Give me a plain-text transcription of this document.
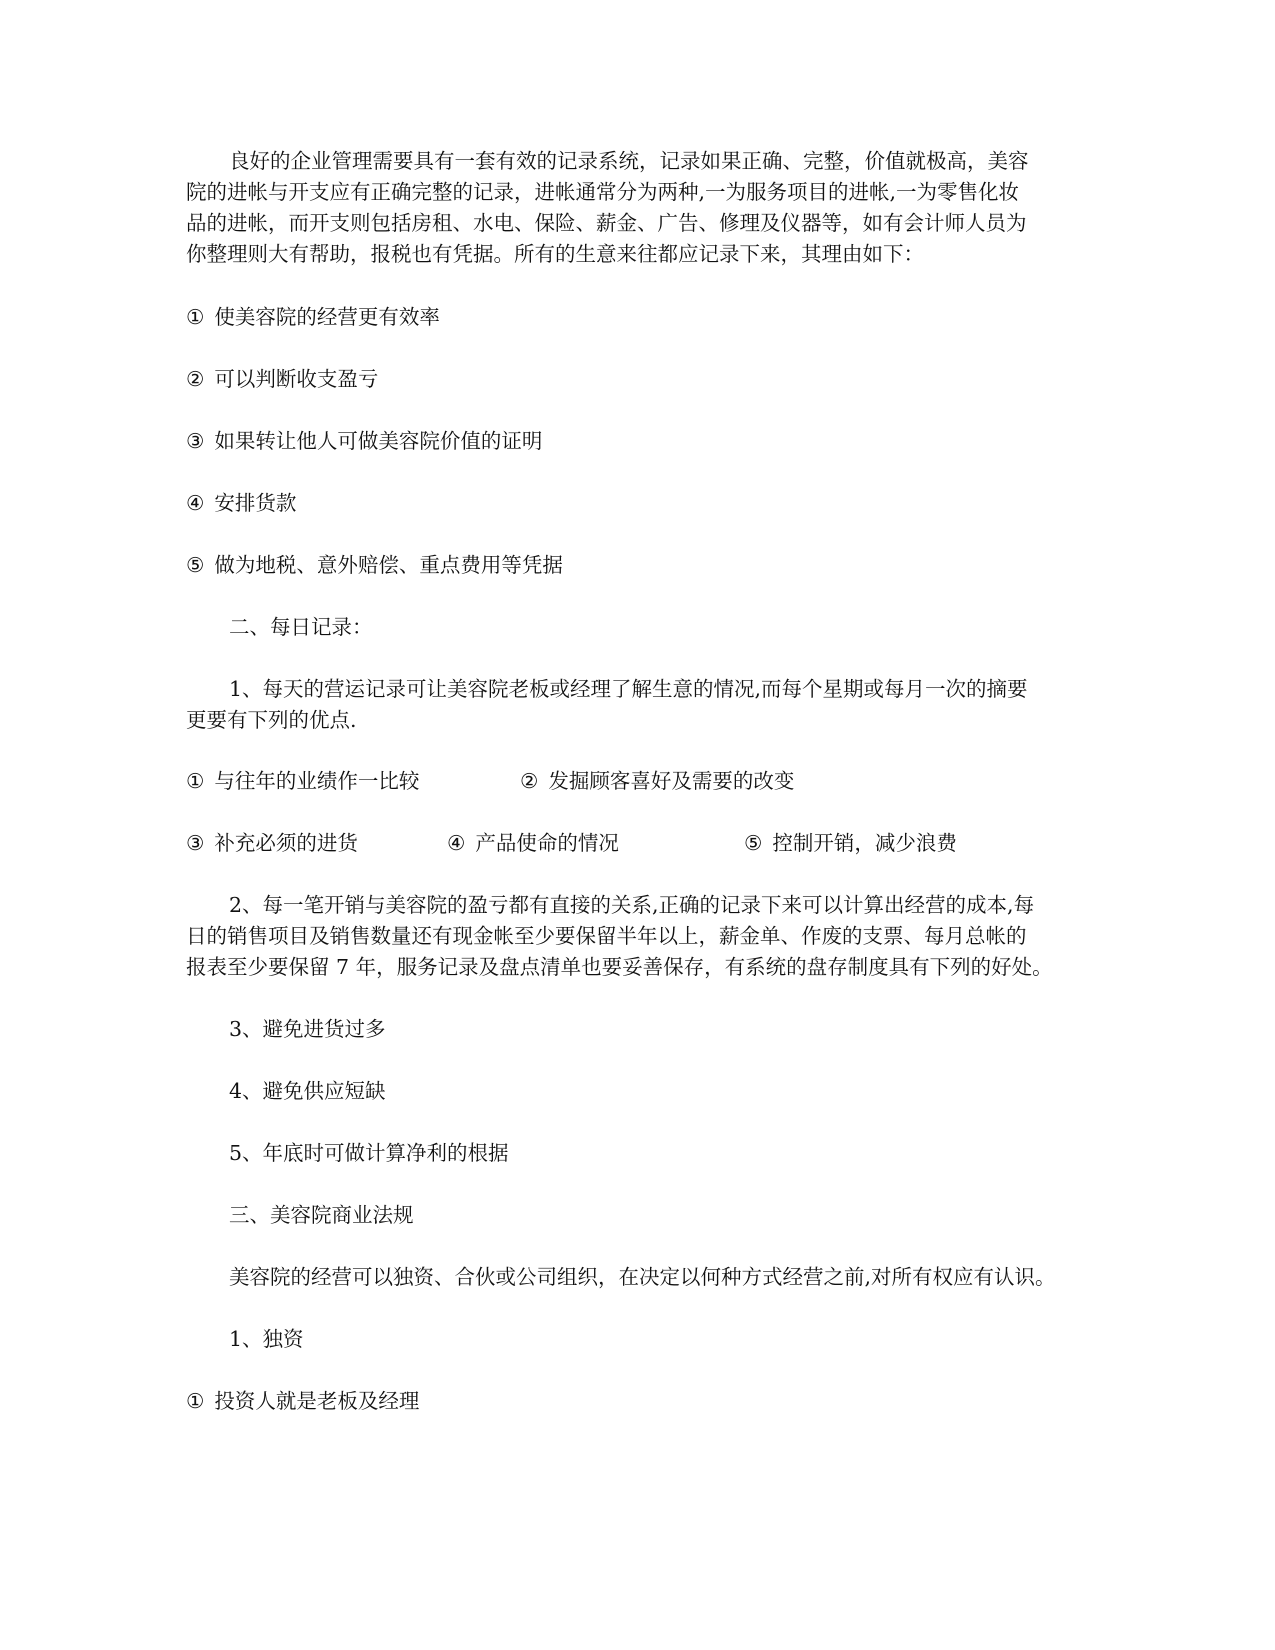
良好的企业管理需要具有一套有效的记录系统，记录如果正确、完整，价值就极高，美容
院的进帐与开支应有正确完整的记录，进帐通常分为两种,一为服务项目的进帐,一为零售化妆
品的进帐，而开支则包括房租、水电、保险、薪金、广告、修理及仪器等，如有会计师人员为
你整理则大有帮助，报税也有凭据。所有的生意来往都应记录下来，其理由如下：
① 使美容院的经营更有效率
② 可以判断收支盈亏
③ 如果转让他人可做美容院价值的证明
④ 安排货款
⑤ 做为地税、意外赔偿、重点费用等凭据
二、每日记录：
1、每天的营运记录可让美容院老板或经理了解生意的情况,而每个星期或每月一次的摘要
更要有下列的优点.
① 与往年的业绩作一比较	② 发掘顾客喜好及需要的改变
③ 补充必须的进货	④ 产品使命的情况	⑤ 控制开销，减少浪费
2、每一笔开销与美容院的盈亏都有直接的关系,正确的记录下来可以计算出经营的成本,每
日的销售项目及销售数量还有现金帐至少要保留半年以上，薪金单、作废的支票、每月总帐的
报表至少要保留 7 年，服务记录及盘点清单也要妥善保存，有系统的盘存制度具有下列的好处。
3、避免进货过多
4、避免供应短缺
5、年底时可做计算净利的根据
三、美容院商业法规
美容院的经营可以独资、合伙或公司组织，在决定以何种方式经营之前,对所有权应有认识。
1、独资
① 投资人就是老板及经理
